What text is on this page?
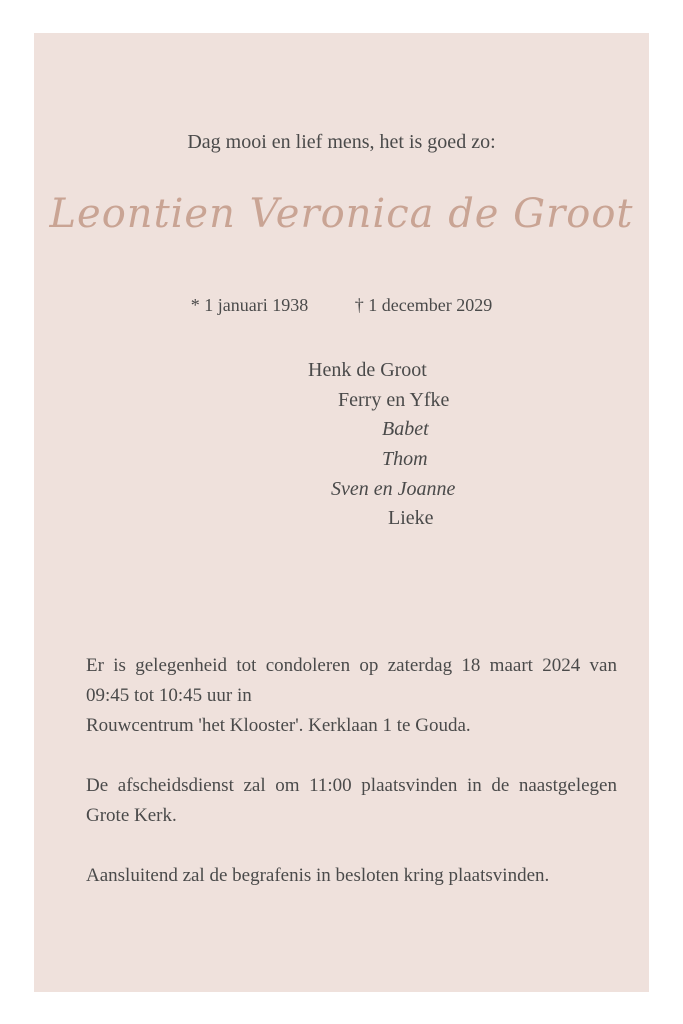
Dag mooi en lief mens, het is goed zo:
Leontien Veronica de Groot
* 1 januari 1938	† 1 december 2029
Henk de Groot
Ferry en Yfke
Babet
Thom
Sven en Joanne
Lieke

Er is gelegenheid tot condoleren op zaterdag 18 maart 2024 van 09:45 tot 10:45 uur in
Rouwcentrum 'het Klooster'. Kerklaan 1 te Gouda.

De afscheidsdienst zal om 11:00 plaatsvinden in de naastgelegen Grote Kerk.

Aansluitend zal de begrafenis in besloten kring plaatsvinden.
